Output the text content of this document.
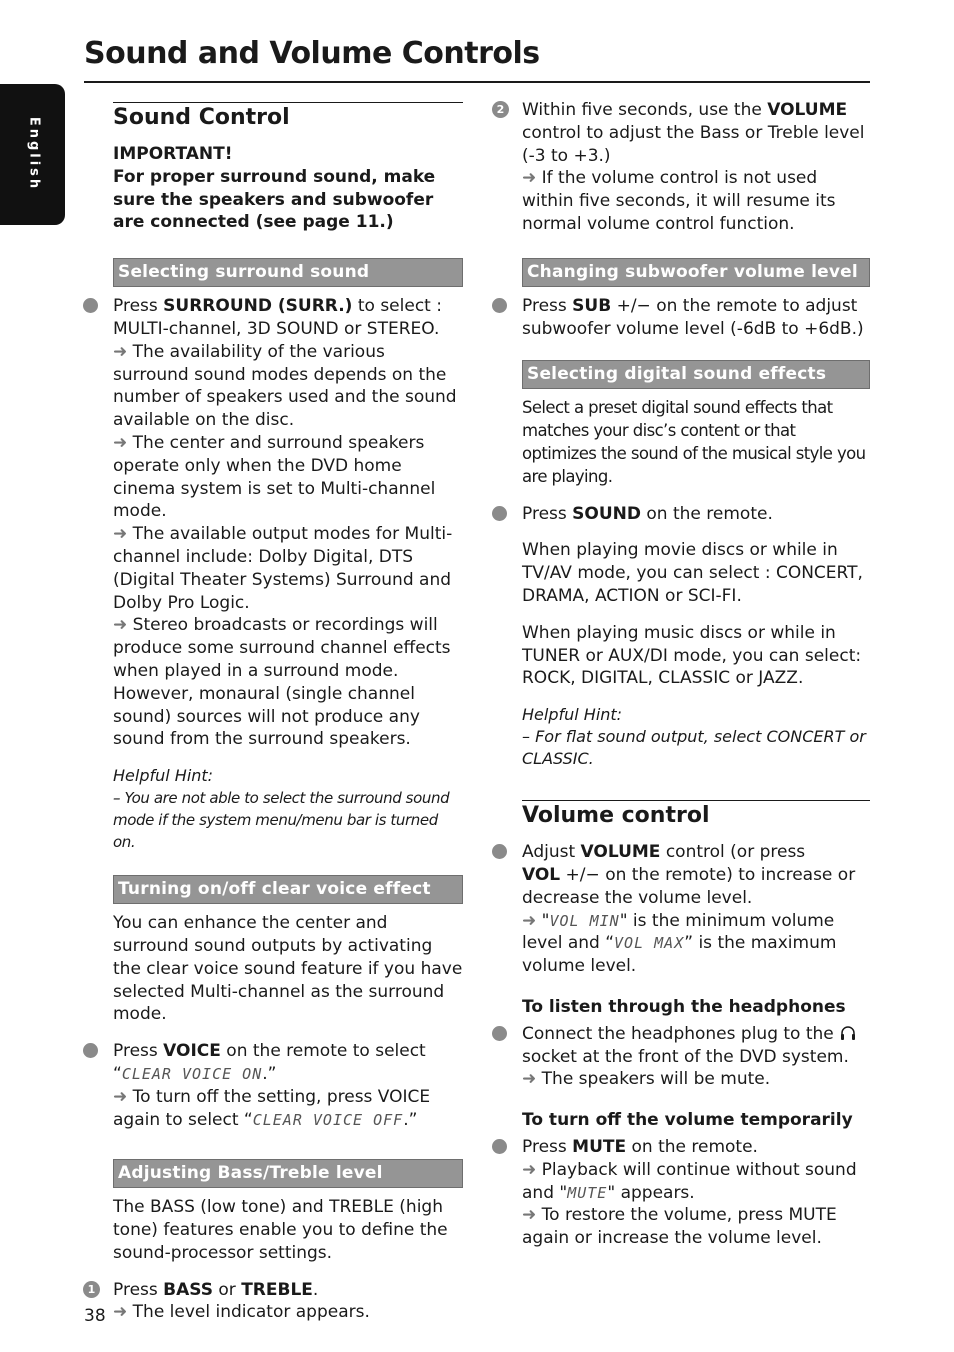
Sound and Volume Controls
English	Sound Control
IMPORTANT!
For proper surround sound, make sure the speakers and subwoofer are connected (see page 11.)
Selecting surround sound
Press SURROUND (SURR.) to select : MULTI-channel, 3D SOUND or STEREO.
➜ The availability of the various surround sound modes depends on the number of speakers used and the sound available on the disc.
➜ The center and surround speakers operate only when the DVD home cinema system is set to Multi-channel mode.
➜ The available output modes for Multi-channel include: Dolby Digital, DTS (Digital Theater Systems) Surround and Dolby Pro Logic.
➜ Stereo broadcasts or recordings will produce some surround channel effects when played in a surround mode. However, monaural (single channel sound) sources will not produce any sound from the surround speakers.
Helpful Hint:
– You are not able to select the surround sound mode if the system menu/menu bar is turned on.
Turning on/off clear voice effect
You can enhance the center and surround sound outputs by activating the clear voice sound feature if you have selected Multi-channel as the surround mode.
Press VOICE on the remote to select “CLEAR VOICE ON.”
➜ To turn off the setting, press VOICE again to select “CLEAR VOICE OFF.”
Adjusting Bass/Treble level
The BASS (low tone) and TREBLE (high tone) features enable you to define the sound-processor settings.
1 Press BASS or TREBLE.
➜ The level indicator appears.
2 Within five seconds, use the VOLUME control to adjust the Bass or Treble level (-3 to +3.)
➜ If the volume control is not used within five seconds, it will resume its normal volume control function.
Changing subwoofer volume level
Press SUB +/− on the remote to adjust subwoofer volume level (-6dB to +6dB.)
Selecting digital sound effects
Select a preset digital sound effects that matches your disc’s content or that optimizes the sound of the musical style you are playing.
Press SOUND on the remote.
When playing movie discs or while in TV/AV mode, you can select : CONCERT, DRAMA, ACTION or SCI-FI.
When playing music discs or while in TUNER or AUX/DI mode, you can select: ROCK, DIGITAL, CLASSIC or JAZZ.
Helpful Hint:
– For flat sound output, select CONCERT or CLASSIC.
Volume control
Adjust VOLUME control (or press
VOL +/− on the remote) to increase or decrease the volume level.
➜ "VOL MIN" is the minimum volume level and “VOL MAX” is the maximum volume level.
To listen through the headphones
Connect the headphones plug to the
socket at the front of the DVD system.
➜ The speakers will be mute.
To turn off the volume temporarily
Press MUTE on the remote.
➜ Playback will continue without sound and "MUTE" appears.
➜ To restore the volume, press MUTE again or increase the volume level.
38
